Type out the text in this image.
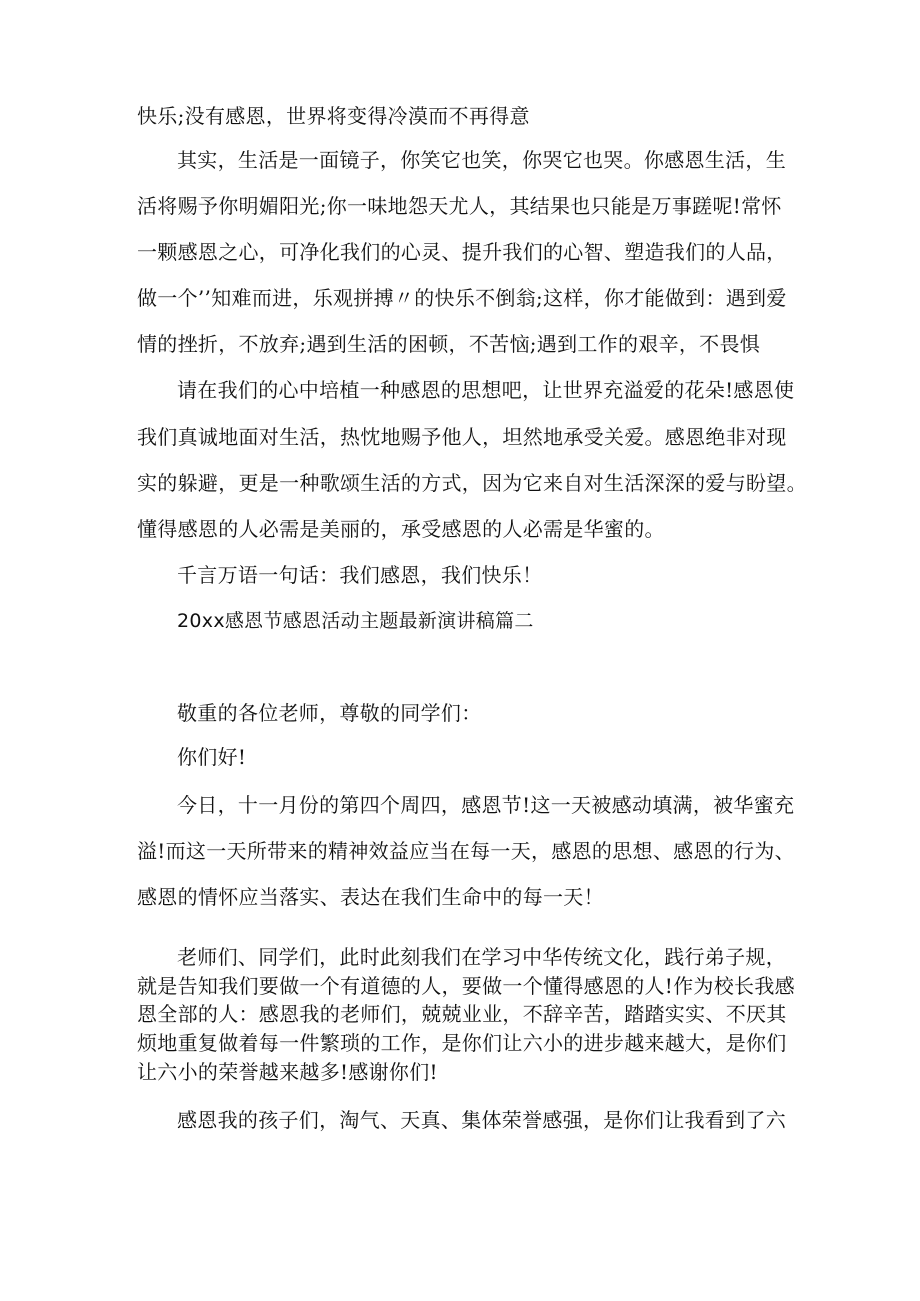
快乐;没有感恩，世界将变得冷漠而不再得意
其实，生活是一面镜子，你笑它也笑，你哭它也哭。你感恩生活，生
活将赐予你明媚阳光;你一味地怨天尤人，其结果也只能是万事蹉呢!常怀
一颗感恩之心，可净化我们的心灵、提升我们的心智、塑造我们的人品，
做一个’’知难而进，乐观拼搏〃的快乐不倒翁;这样，你才能做到：遇到爱
情的挫折，不放弃;遇到生活的困顿，不苦恼;遇到工作的艰辛，不畏惧
请在我们的心中培植一种感恩的思想吧，让世界充溢爱的花朵!感恩使
我们真诚地面对生活，热忱地赐予他人，坦然地承受关爱。感恩绝非对现
实的躲避，更是一种歌颂生活的方式，因为它来自对生活深深的爱与盼望。
懂得感恩的人必需是美丽的，承受感恩的人必需是华蜜的。
千言万语一句话：我们感恩，我们快乐！
20xx感恩节感恩活动主题最新演讲稿篇二
敬重的各位老师，尊敬的同学们：
你们好!
今日，十一月份的第四个周四，感恩节!这一天被感动填满，被华蜜充
溢!而这一天所带来的精神效益应当在每一天，感恩的思想、感恩的行为、
感恩的情怀应当落实、表达在我们生命中的每一天！
老师们、同学们，此时此刻我们在学习中华传统文化，践行弟子规，
就是告知我们要做一个有道德的人，要做一个懂得感恩的人!作为校长我感
恩全部的人：感恩我的老师们，兢兢业业，不辞辛苦，踏踏实实、不厌其
烦地重复做着每一件繁琐的工作，是你们让六小的进步越来越大，是你们
让六小的荣誉越来越多!感谢你们!
感恩我的孩子们，淘气、天真、集体荣誉感强，是你们让我看到了六
